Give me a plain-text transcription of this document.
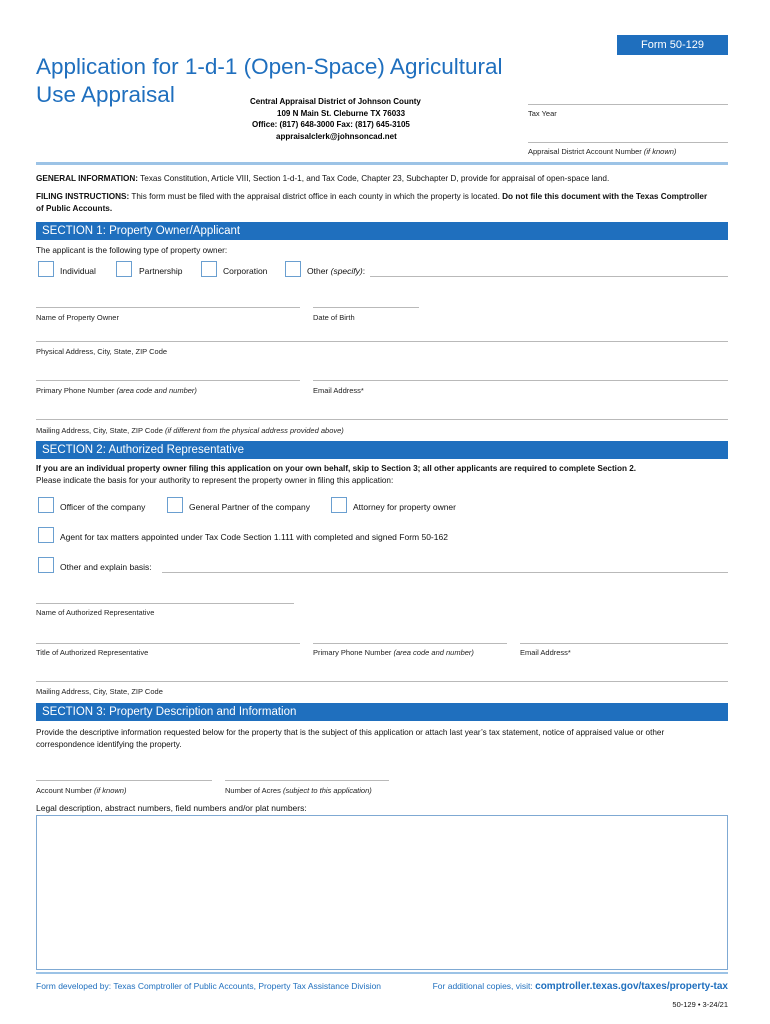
Form 50-129
Application for 1-d-1 (Open-Space) Agricultural
Use Appraisal	Central Appraisal District of Johnson County
109 N Main St. Cleburne TX 76033
Office: (817) 648-3000 Fax: (817) 645-3105
appraisalclerk@johnsoncad.net
Tax Year
Appraisal District Account Number (if known)
GENERAL INFORMATION: Texas Constitution, Article VIII, Section 1-d-1, and Tax Code, Chapter 23, Subchapter D, provide for appraisal of open-space land.
FILING INSTRUCTIONS: This form must be filed with the appraisal district office in each county in which the property is located. Do not file this document with the Texas Comptroller of Public Accounts.
SECTION 1: Property Owner/Applicant
The applicant is the following type of property owner:
Individual	Partnership	Corporation	Other (specify):
Name of Property Owner	Date of Birth
Physical Address, City, State, ZIP Code
Primary Phone Number (area code and number)	Email Address*
Mailing Address, City, State, ZIP Code (if different from the physical address provided above)
SECTION 2: Authorized Representative
If you are an individual property owner filing this application on your own behalf, skip to Section 3; all other applicants are required to complete Section 2.
Please indicate the basis for your authority to represent the property owner in filing this application:
Officer of the company	General Partner of the company	Attorney for property owner
Agent for tax matters appointed under Tax Code Section 1.111 with completed and signed Form 50-162
Other and explain basis:
Name of Authorized Representative
Title of Authorized Representative	Primary Phone Number (area code and number)	Email Address*
Mailing Address, City, State, ZIP Code
SECTION 3: Property Description and Information
Provide the descriptive information requested below for the property that is the subject of this application or attach last year’s tax statement, notice of appraised value or other correspondence identifying the property.
Account Number (if known)	Number of Acres (subject to this application)
Legal description, abstract numbers, field numbers and/or plat numbers:
Form developed by: Texas Comptroller of Public Accounts, Property Tax Assistance Division	For additional copies, visit: comptroller.texas.gov/taxes/property-tax
50-129 • 3-24/21
